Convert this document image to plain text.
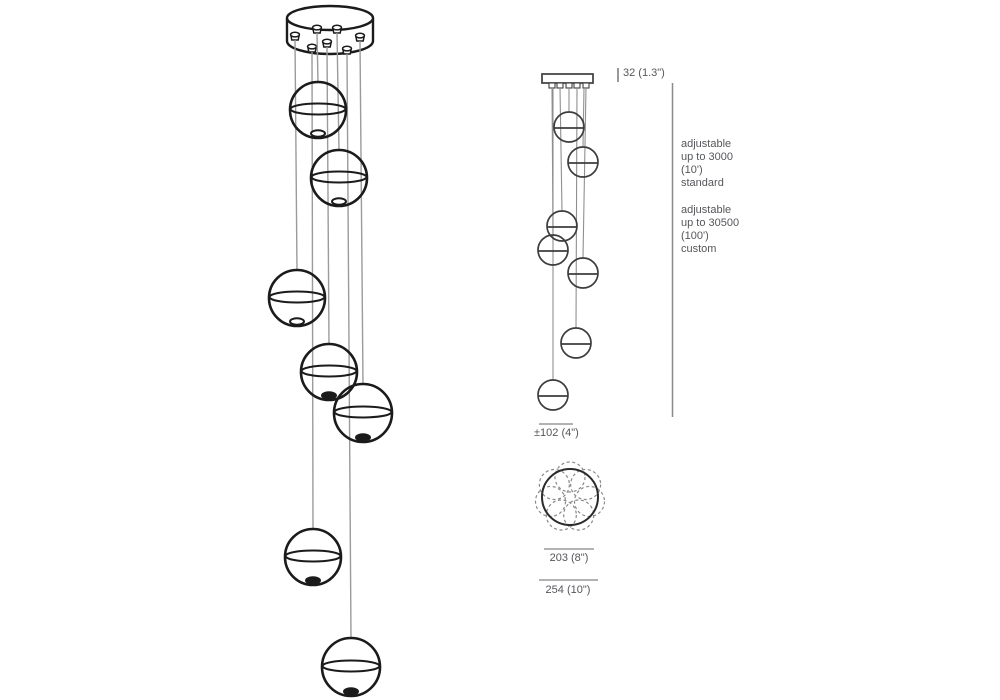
32 (1.3")
adjustable
up to 3000
(10')
standard
adjustable
up to 30500
(100')
custom
±102 (4")
203 (8")
254 (10")
